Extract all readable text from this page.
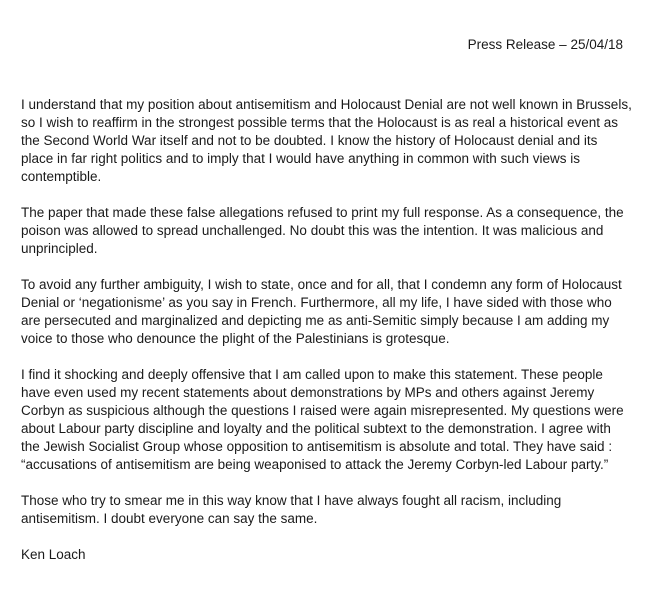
Press Release – 25/04/18

I understand that my position about antisemitism and Holocaust Denial are not well known in Brussels, so I wish to reaffirm in the strongest possible terms that the Holocaust is as real a historical event as the Second World War itself and not to be doubted. I know the history of Holocaust denial and its place in far right politics and to imply that I would have anything in common with such views is contemptible.

The paper that made these false allegations refused to print my full response. As a consequence, the poison was allowed to spread unchallenged. No doubt this was the intention. It was malicious and unprincipled.

To avoid any further ambiguity, I wish to state, once and for all, that I condemn any form of Holocaust Denial or ‘negationisme’ as you say in French. Furthermore, all my life, I have sided with those who are persecuted and marginalized and depicting me as anti-Semitic simply because I am adding my voice to those who denounce the plight of the Palestinians is grotesque.

I find it shocking and deeply offensive that I am called upon to make this statement. These people have even used my recent statements about demonstrations by MPs and others against Jeremy Corbyn as suspicious although the questions I raised were again misrepresented. My questions were about Labour party discipline and loyalty and the political subtext to the demonstration. I agree with the Jewish Socialist Group whose opposition to antisemitism is absolute and total. They have said : “accusations of antisemitism are being weaponised to attack the Jeremy Corbyn-led Labour party.”

Those who try to smear me in this way know that I have always fought all racism, including antisemitism. I doubt everyone can say the same.

Ken Loach
